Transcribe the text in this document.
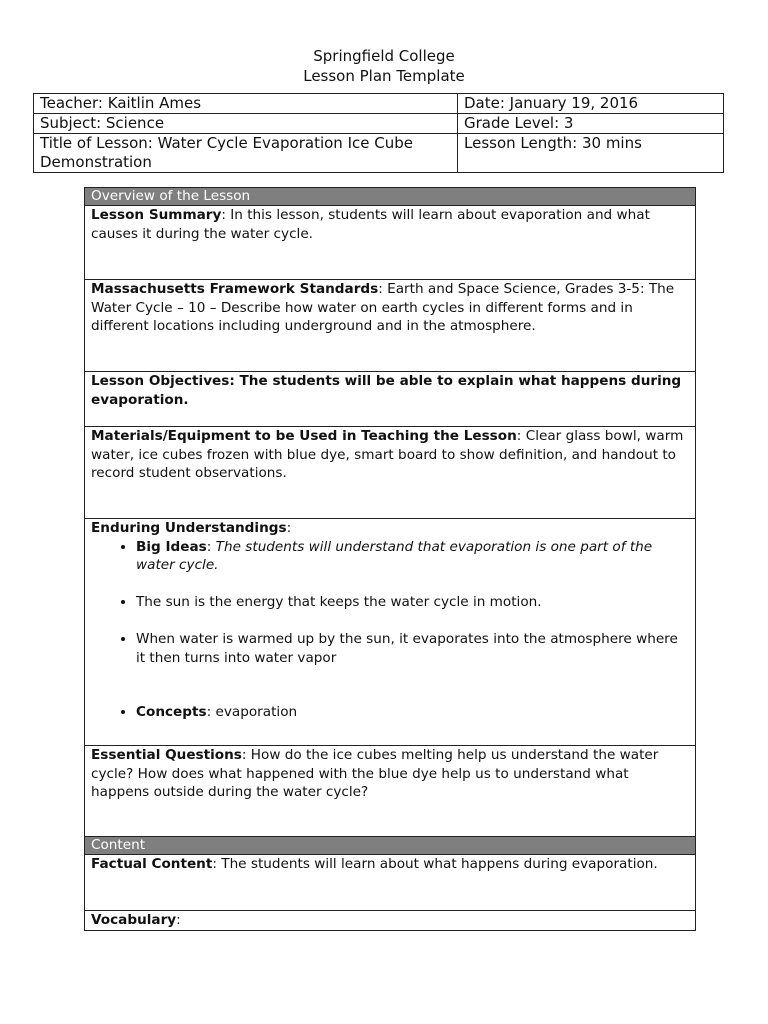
Springfield College
Lesson Plan Template
Teacher: Kaitlin Ames	Date: January 19, 2016
Subject: Science	Grade Level: 3
Title of Lesson: Water Cycle Evaporation Ice Cube Demonstration	Lesson Length: 30 mins
Overview of the Lesson
Lesson Summary: In this lesson, students will learn about evaporation and what causes it during the water cycle.
Massachusetts Framework Standards: Earth and Space Science, Grades 3-5: The Water Cycle – 10 – Describe how water on earth cycles in different forms and in different locations including underground and in the atmosphere.
Lesson Objectives: The students will be able to explain what happens during evaporation.
Materials/Equipment to be Used in Teaching the Lesson: Clear glass bowl, warm water, ice cubes frozen with blue dye, smart board to show definition, and handout to record student observations.

Enduring Understandings:
• Big Ideas: The students will understand that evaporation is one part of the water cycle.
• The sun is the energy that keeps the water cycle in motion.
• When water is warmed up by the sun, it evaporates into the atmosphere where it then turns into water vapor
• Concepts: evaporation

Essential Questions: How do the ice cubes melting help us understand the water cycle? How does what happened with the blue dye help us to understand what happens outside during the water cycle?
Content
Factual Content: The students will learn about what happens during evaporation.
Vocabulary:
